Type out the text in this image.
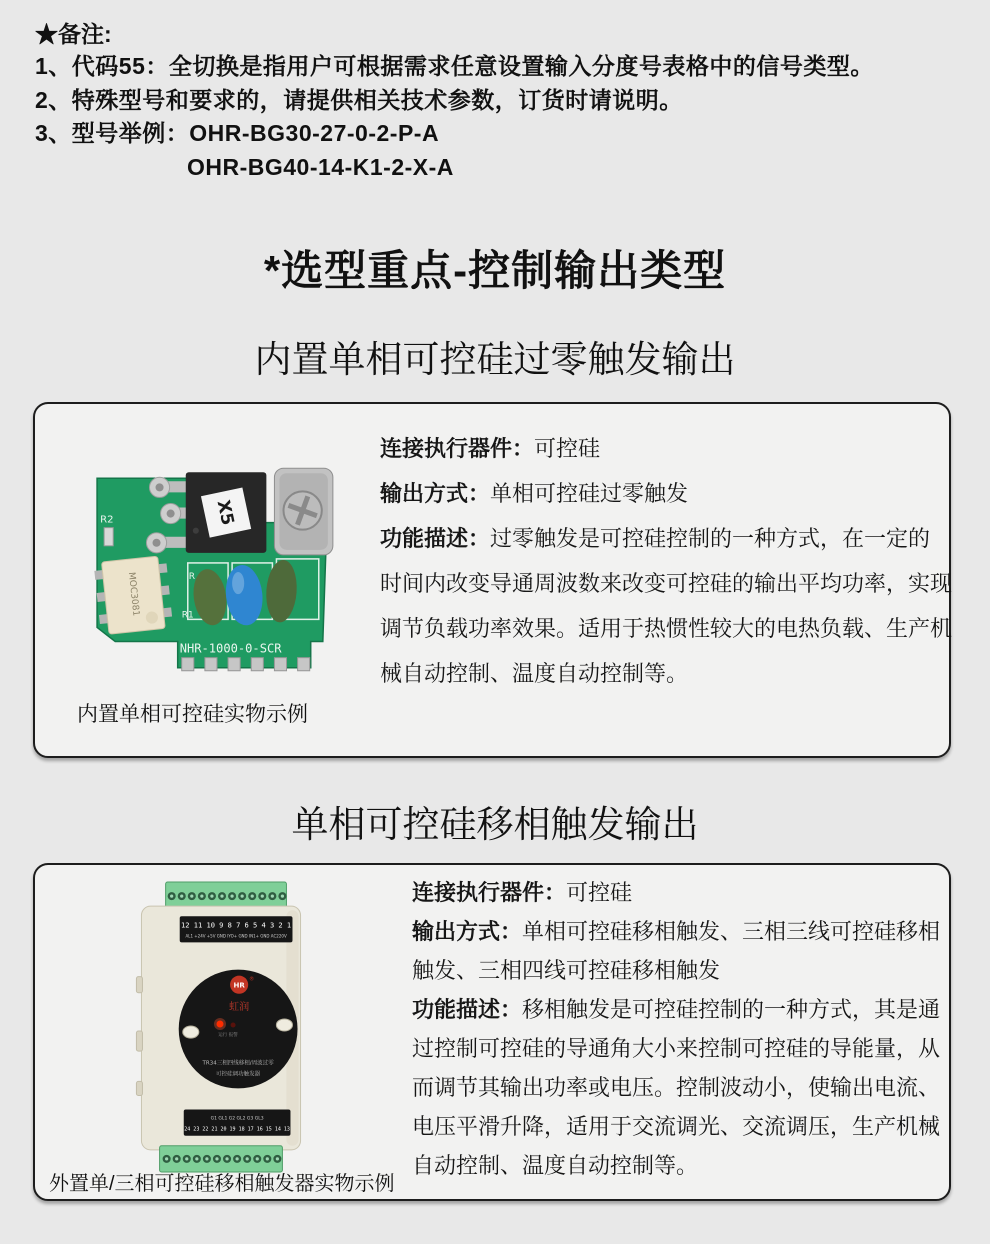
★备注:
1、代码55：全切换是指用户可根据需求任意设置输入分度号表格中的信号类型。
2、特殊型号和要求的，请提供相关技术参数，订货时请说明。
3、型号举例：OHR-BG30-27-0-2-P-A
OHR-BG40-14-K1-2-X-A
*选型重点-控制输出类型
内置单相可控硅过零触发输出
R2	X5
MOC3081	R
R1
NHR-1000-0-SCR
内置单相可控硅实物示例

连接执行器件：可控硅

输出方式：单相可控硅过零触发

功能描述：过零触发是可控硅控制的一种方式，在一定的时间内改变导通周波数来改变可控硅的输出平均功率，实现调节负载功率效果。适用于热惯性较大的电热负载、生产机械自动控制、温度自动控制等。

单相可控硅移相触发输出
12 11 10 9 8 7 6 5 4 3 2 1
AL1 +24V +5V GND IYO+ GND IN1+ GND AC220V
HR
®
虹润
运行 报警
TR34三相四线移相/周波过零
可控硅调功触发器
G1 GL1 G2 GL2 G3 GL3
24 23 22 21 20 19 18 17 16 15 14 13
外置单/三相可控硅移相触发器实物示例

连接执行器件：可控硅

输出方式：单相可控硅移相触发、三相三线可控硅移相触发、三相四线可控硅移相触发

功能描述：移相触发是可控硅控制的一种方式，其是通过控制可控硅的导通角大小来控制可控硅的导能量，从而调节其输出功率或电压。控制波动小，使输出电流、电压平滑升降，适用于交流调光、交流调压，生产机械自动控制、温度自动控制等。
